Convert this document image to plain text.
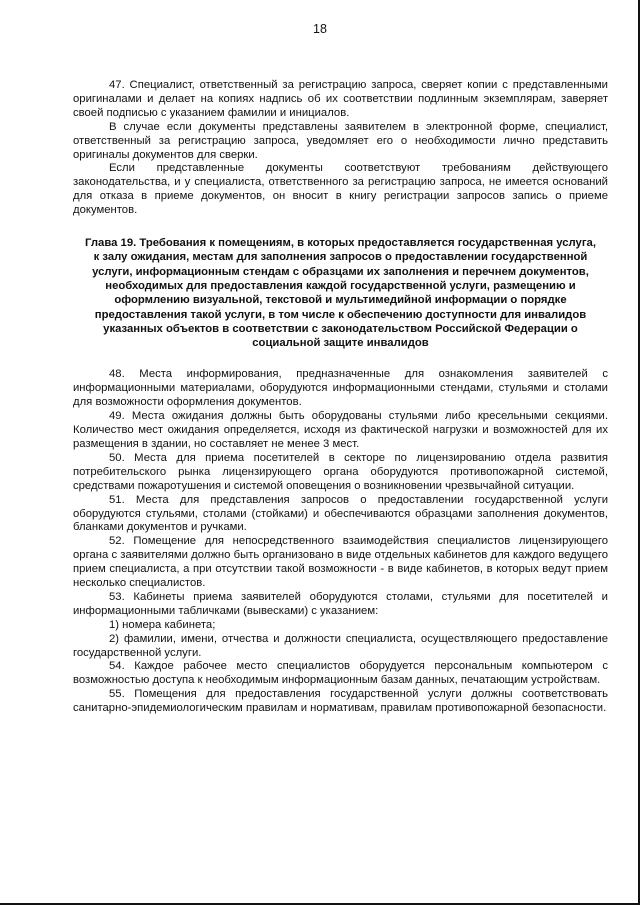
18

47. Специалист, ответственный за регистрацию запроса, сверяет копии с представленными оригиналами и делает на копиях надпись об их соответствии подлинным экземплярам, заверяет своей подписью с указанием фамилии и инициалов.

В случае если документы представлены заявителем в электронной форме, специалист, ответственный за регистрацию запроса, уведомляет его о необходимости лично представить оригиналы документов для сверки.

Если представленные документы соответствуют требованиям действующего законодательства, и у специалиста, ответственного за регистрацию запроса, не имеется оснований для отказа в приеме документов, он вносит в книгу регистрации запросов запись о приеме документов.

Глава 19. Требования к помещениям, в которых предоставляется государственная услуга, к залу ожидания, местам для заполнения запросов о предоставлении государственной услуги, информационным стендам с образцами их заполнения и перечнем документов, необходимых для предоставления каждой государственной услуги, размещению и оформлению визуальной, текстовой и мультимедийной информации о порядке предоставления такой услуги, в том числе к обеспечению доступности для инвалидов указанных объектов в соответствии с законодательством Российской Федерации о социальной защите инвалидов

48. Места информирования, предназначенные для ознакомления заявителей с информационными материалами, оборудуются информационными стендами, стульями и столами для возможности оформления документов.

49. Места ожидания должны быть оборудованы стульями либо кресельными секциями. Количество мест ожидания определяется, исходя из фактической нагрузки и возможностей для их размещения в здании, но составляет не менее 3 мест.

50. Места для приема посетителей в секторе по лицензированию отдела развития потребительского рынка лицензирующего органа оборудуются противопожарной системой, средствами пожаротушения и системой оповещения о возникновении чрезвычайной ситуации.

51. Места для представления запросов о предоставлении государственной услуги оборудуются стульями, столами (стойками) и обеспечиваются образцами заполнения документов, бланками документов и ручками.

52. Помещение для непосредственного взаимодействия специалистов лицензирующего органа с заявителями должно быть организовано в виде отдельных кабинетов для каждого ведущего прием специалиста, а при отсутствии такой возможности - в виде кабинетов, в которых ведут прием несколько специалистов.

53. Кабинеты приема заявителей оборудуются столами, стульями для посетителей и информационными табличками (вывесками) с указанием:

1) номера кабинета;

2) фамилии, имени, отчества и должности специалиста, осуществляющего предоставление государственной услуги.

54. Каждое рабочее место специалистов оборудуется персональным компьютером с возможностью доступа к необходимым информационным базам данных, печатающим устройствам.

55. Помещения для предоставления государственной услуги должны соответствовать санитарно-эпидемиологическим правилам и нормативам, правилам противопожарной безопасности.
